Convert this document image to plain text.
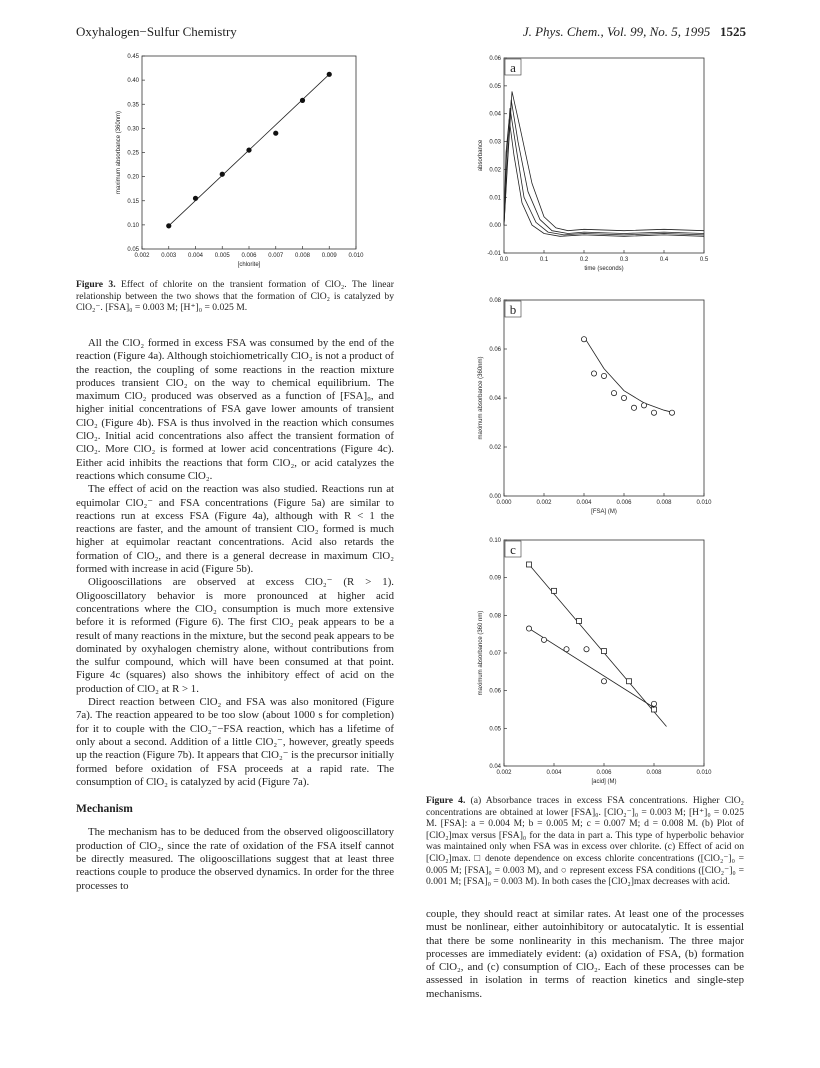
Oxyhalogen−Sulfur Chemistry	J. Phys. Chem., Vol. 99, No. 5, 1995 1525
0.002 0.003 0.004 0.005 0.006 0.007 0.008 0.009 0.010
0.05
0.10
0.15
0.20
0.25
0.30
0.35
0.40
0.45
[chlorite]
maximum absorbance (360nm)
Figure 3. Effect of chlorite on the transient formation of ClO₂. The linear relationship between the two shows that the formation of ClO₂ is catalyzed by ClO₂⁻. [FSA]₀ = 0.003 M; [H⁺]₀ = 0.025 M.

All the ClO₂ formed in excess FSA was consumed by the end of the reaction (Figure 4a). Although stoichiometrically ClO₂ is not a product of the reaction, the coupling of some reactions in the reaction mixture produces transient ClO₂ on the way to chemical equilibrium. The maximum ClO₂ produced was observed as a function of [FSA]₀, and higher initial concentrations of FSA gave lower amounts of transient ClO₂ (Figure 4b). FSA is thus involved in the reaction which consumes ClO₂. Initial acid concentrations also affect the transient formation of ClO₂. More ClO₂ is formed at lower acid concentrations (Figure 4c). Either acid inhibits the reactions that form ClO₂, or acid catalyzes the reactions which consume ClO₂.

The effect of acid on the reaction was also studied. Reactions run at equimolar ClO₂⁻ and FSA concentrations (Figure 5a) are similar to reactions run at excess FSA (Figure 4a), although with R < 1 the reactions are faster, and the amount of transient ClO₂ formed is much higher at equimolar reactant concentrations. Acid also retards the formation of ClO₂, and there is a general decrease in maximum ClO₂ formed with increase in acid (Figure 5b).

Oligooscillations are observed at excess ClO₂⁻ (R > 1). Oligooscillatory behavior is more pronounced at higher acid concentrations where the ClO₂ consumption is much more extensive before it is reformed (Figure 6). The first ClO₂ peak appears to be a result of many reactions in the mixture, but the second peak appears to be dominated by oxyhalogen chemistry alone, without contributions from the sulfur compound, which will have been consumed at that point. Figure 4c (squares) also shows the inhibitory effect of acid on the production of ClO₂ at R > 1.

Direct reaction between ClO₂ and FSA was also monitored (Figure 7a). The reaction appeared to be too slow (about 1000 s for completion) for it to couple with the ClO₂⁻−FSA reaction, which has a lifetime of only about a second. Addition of a little ClO₂⁻, however, greatly speeds up the reaction (Figure 7b). It appears that ClO₂⁻ is the precursor initially formed before oxidation of FSA proceeds at a rapid rate. The consumption of ClO₂ is catalyzed by acid (Figure 7a).

Mechanism

The mechanism has to be deduced from the observed oligooscillatory production of ClO₂, since the rate of oxidation of the FSA itself cannot be directly measured. The oligooscillations suggest that at least three reactions couple to produce the observed dynamics. In order for the three processes to

0.0	0.1	0.2	0.3	0.4	0.5
-0.01
0.00
0.01
0.02
0.03
0.04
0.05
0.06
time (seconds)
absorbance
a
0.000	0.002	0.004	0.006	0.008	0.010
0.00
0.02
0.04
0.06
0.08
[FSA] (M)
maximum absorbance (360nm)
b
0.002	0.004	0.006	0.008	0.010
0.04
0.05
0.06
0.07
0.08
0.09
0.10
[acid] (M)
maximum absorbance (360 nm)
c
Figure 4. (a) Absorbance traces in excess FSA concentrations. Higher ClO₂ concentrations are obtained at lower [FSA]₀. [ClO₂⁻]₀ = 0.003 M; [H⁺]₀ = 0.025 M. [FSA]: a = 0.004 M; b = 0.005 M; c = 0.007 M; d = 0.008 M. (b) Plot of [ClO₂]max versus [FSA]₀ for the data in part a. This type of hyperbolic behavior was maintained only when FSA was in excess over chlorite. (c) Effect of acid on [ClO₂]max. □ denote dependence on excess chlorite concentrations ([ClO₂⁻]₀ = 0.005 M; [FSA]₀ = 0.003 M), and ○ represent excess FSA conditions ([ClO₂⁻]₀ = 0.001 M; [FSA]₀ = 0.003 M). In both cases the [ClO₂]max decreases with acid.

couple, they should react at similar rates. At least one of the processes must be nonlinear, either autoinhibitory or autocatalytic. It is essential that there be some nonlinearity in this mechanism. The three major processes are immediately evident: (a) oxidation of FSA, (b) formation of ClO₂, and (c) consumption of ClO₂. Each of these processes can be assessed in isolation in terms of reaction kinetics and single-step mechanisms.
